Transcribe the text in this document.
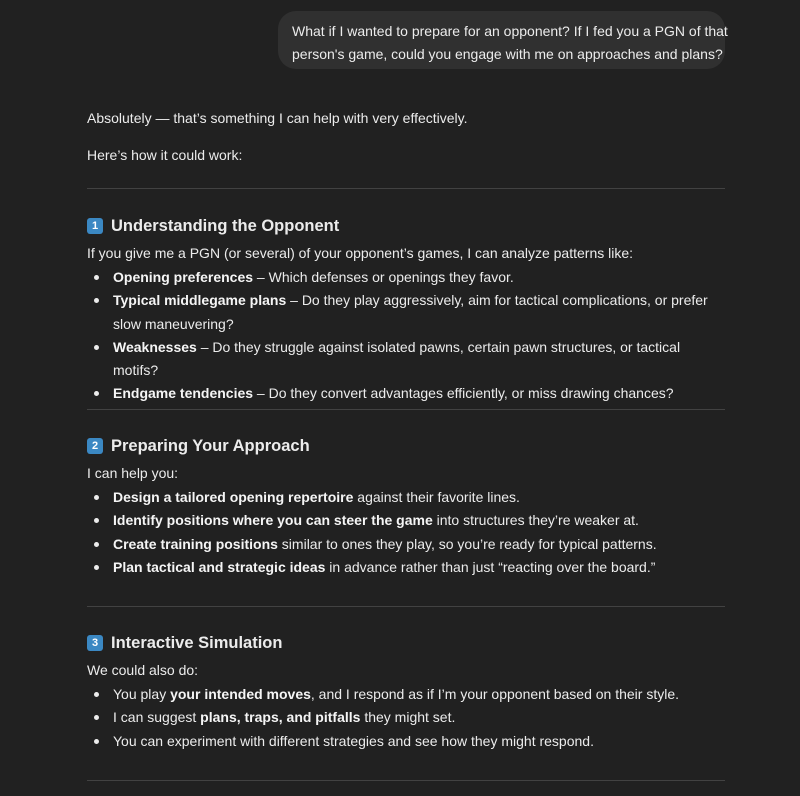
What if I wanted to prepare for an opponent? If I fed you a PGN of that
person's game, could you engage with me on approaches and plans?

Absolutely — that’s something I can help with very effectively.

Here’s how it could work:

1 Understanding the Opponent
If you give me a PGN (or several) of your opponent’s games, I can analyze patterns like:
Opening preferences – Which defenses or openings they favor.
Typical middlegame plans – Do they play aggressively, aim for tactical complications, or prefer slow maneuvering?
Weaknesses – Do they struggle against isolated pawns, certain pawn structures, or tactical motifs?
Endgame tendencies – Do they convert advantages efficiently, or miss drawing chances?
2 Preparing Your Approach
I can help you:
Design a tailored opening repertoire against their favorite lines.
Identify positions where you can steer the game into structures they’re weaker at.
Create training positions similar to ones they play, so you’re ready for typical patterns.
Plan tactical and strategic ideas in advance rather than just “reacting over the board.”
3 Interactive Simulation
We could also do:
You play your intended moves, and I respond as if I’m your opponent based on their style.
I can suggest plans, traps, and pitfalls they might set.
You can experiment with different strategies and see how they might respond.
